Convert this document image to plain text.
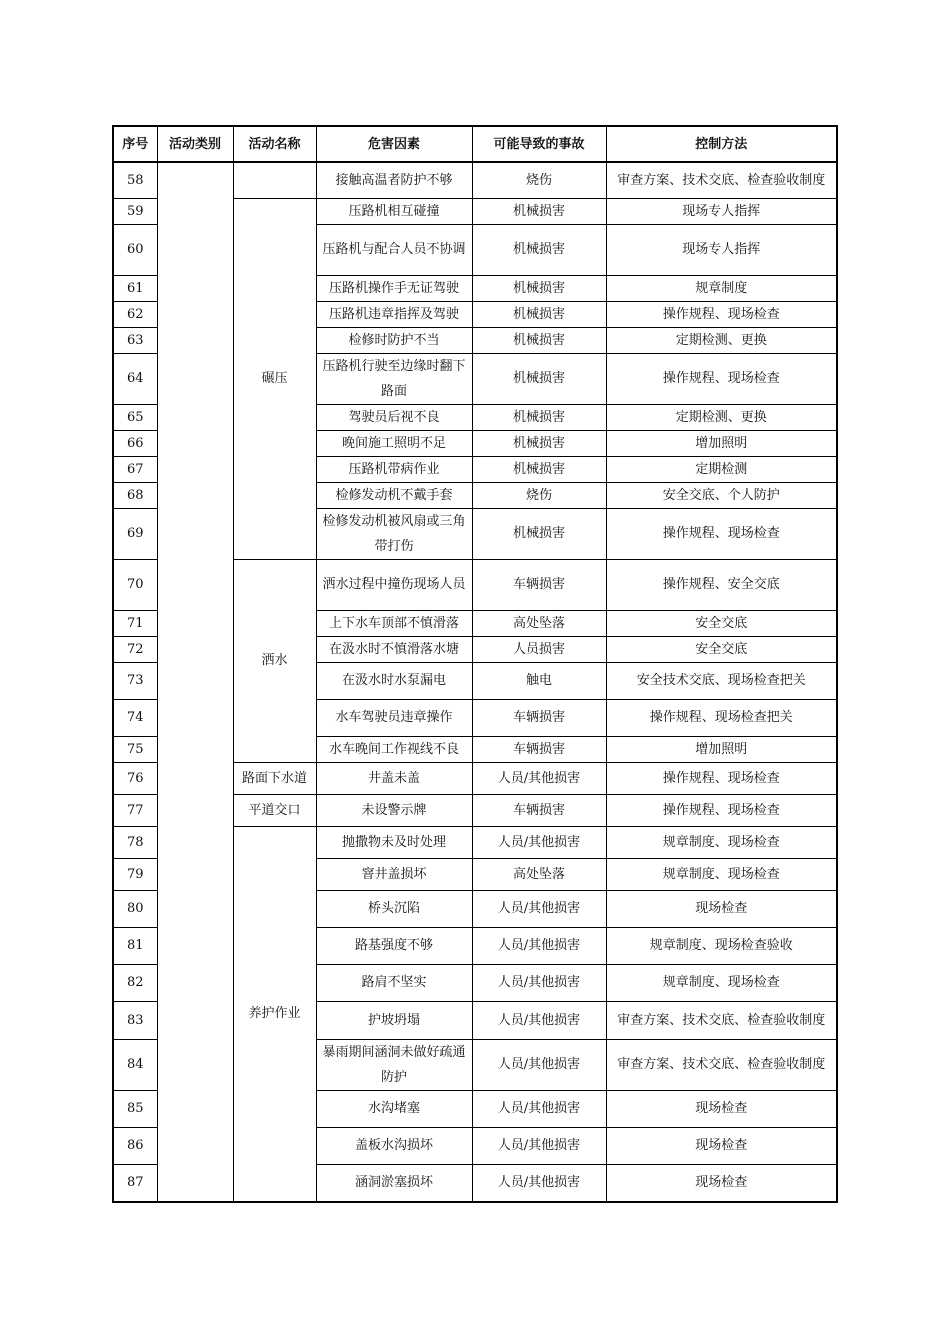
序号	活动类别	活动名称	危害因素	可能导致的事故	控制方法
58			接触高温者防护不够	烧伤	审查方案、技术交底、检查验收制度
59		碾压	压路机相互碰撞	机械损害	现场专人指挥
60			压路机与配合人员不协调	机械损害	现场专人指挥
61			压路机操作手无证驾驶	机械损害	规章制度
62			压路机违章指挥及驾驶	机械损害	操作规程、现场检查
63			检修时防护不当	机械损害	定期检测、更换
64			压路机行驶至边缘时翻下路面	机械损害	操作规程、现场检查
65			驾驶员后视不良	机械损害	定期检测、更换
66			晚间施工照明不足	机械损害	增加照明
67			压路机带病作业	机械损害	定期检测
68			检修发动机不戴手套	烧伤	安全交底、个人防护
69			检修发动机被风扇或三角带打伤	机械损害	操作规程、现场检查
70		洒水	洒水过程中撞伤现场人员	车辆损害	操作规程、安全交底
71			上下水车顶部不慎滑落	高处坠落	安全交底
72			在汲水时不慎滑落水塘	人员损害	安全交底
73			在汲水时水泵漏电	触电	安全技术交底、现场检查把关
74			水车驾驶员违章操作	车辆损害	操作规程、现场检查把关
75			水车晚间工作视线不良	车辆损害	增加照明
76		路面下水道	井盖未盖	人员/其他损害	操作规程、现场检查
77		平道交口	未设警示牌	车辆损害	操作规程、现场检查
78		养护作业	抛撒物未及时处理	人员/其他损害	规章制度、现场检查
79			窨井盖损坏	高处坠落	规章制度、现场检查
80			桥头沉陷	人员/其他损害	现场检查
81			路基强度不够	人员/其他损害	规章制度、现场检查验收
82			路肩不坚实	人员/其他损害	规章制度、现场检查
83			护坡坍塌	人员/其他损害	审查方案、技术交底、检查验收制度
84			暴雨期间涵洞未做好疏通防护	人员/其他损害	审查方案、技术交底、检查验收制度
85			水沟堵塞	人员/其他损害	现场检查
86			盖板水沟损坏	人员/其他损害	现场检查
87			涵洞淤塞损坏	人员/其他损害	现场检查
